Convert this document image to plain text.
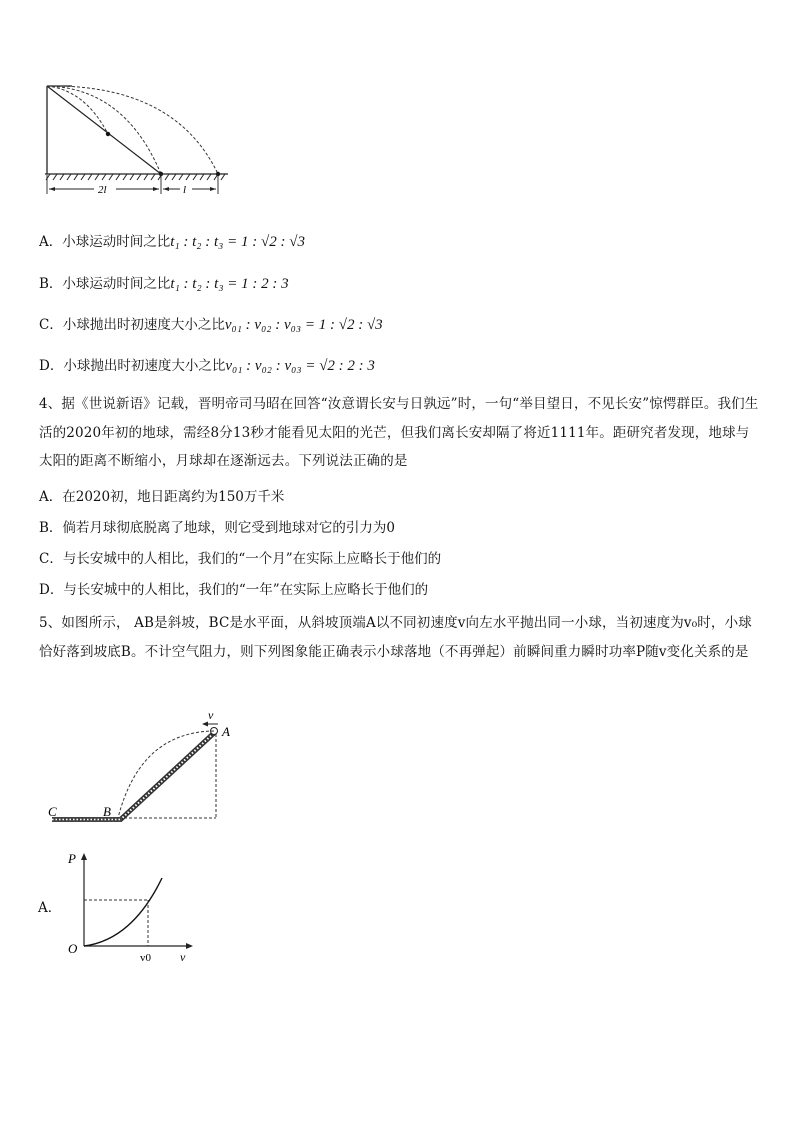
2l	l
A．小球运动时间之比t₁ : t₂ : t₃ = 1 : √2 : √3
B．小球运动时间之比t₁ : t₂ : t₃ = 1 : 2 : 3
C．小球抛出时初速度大小之比v₀₁ : v₀₂ : v₀₃ = 1 : √2 : √3
D．小球抛出时初速度大小之比v₀₁ : v₀₂ : v₀₃ = √2 : 2 : 3
4、据《世说新语》记载，晋明帝司马昭在回答“汝意谓长安与日孰远”时，一句“举目望日，不见长安”惊愕群臣。我们生活的2020年初的地球，需经8分13秒才能看见太阳的光芒，但我们离长安却隔了将近1111年。距研究者发现，地球与太阳的距离不断缩小，月球却在逐渐远去。下列说法正确的是
A．在2020初，地日距离约为150万千米
B．倘若月球彻底脱离了地球，则它受到地球对它的引力为0
C．与长安城中的人相比，我们的“一个月”在实际上应略长于他们的
D．与长安城中的人相比，我们的“一年”在实际上应略长于他们的
5、如图所示， AB是斜坡，BC是水平面，从斜坡顶端A以不同初速度v向左水平抛出同一小球，当初速度为v₀时，小球恰好落到坡底B。不计空气阻力，则下列图象能正确表示小球落地（不再弹起）前瞬间重力瞬时功率P随v变化关系的是
v
A
C	B
A．
P
O
v0 v
